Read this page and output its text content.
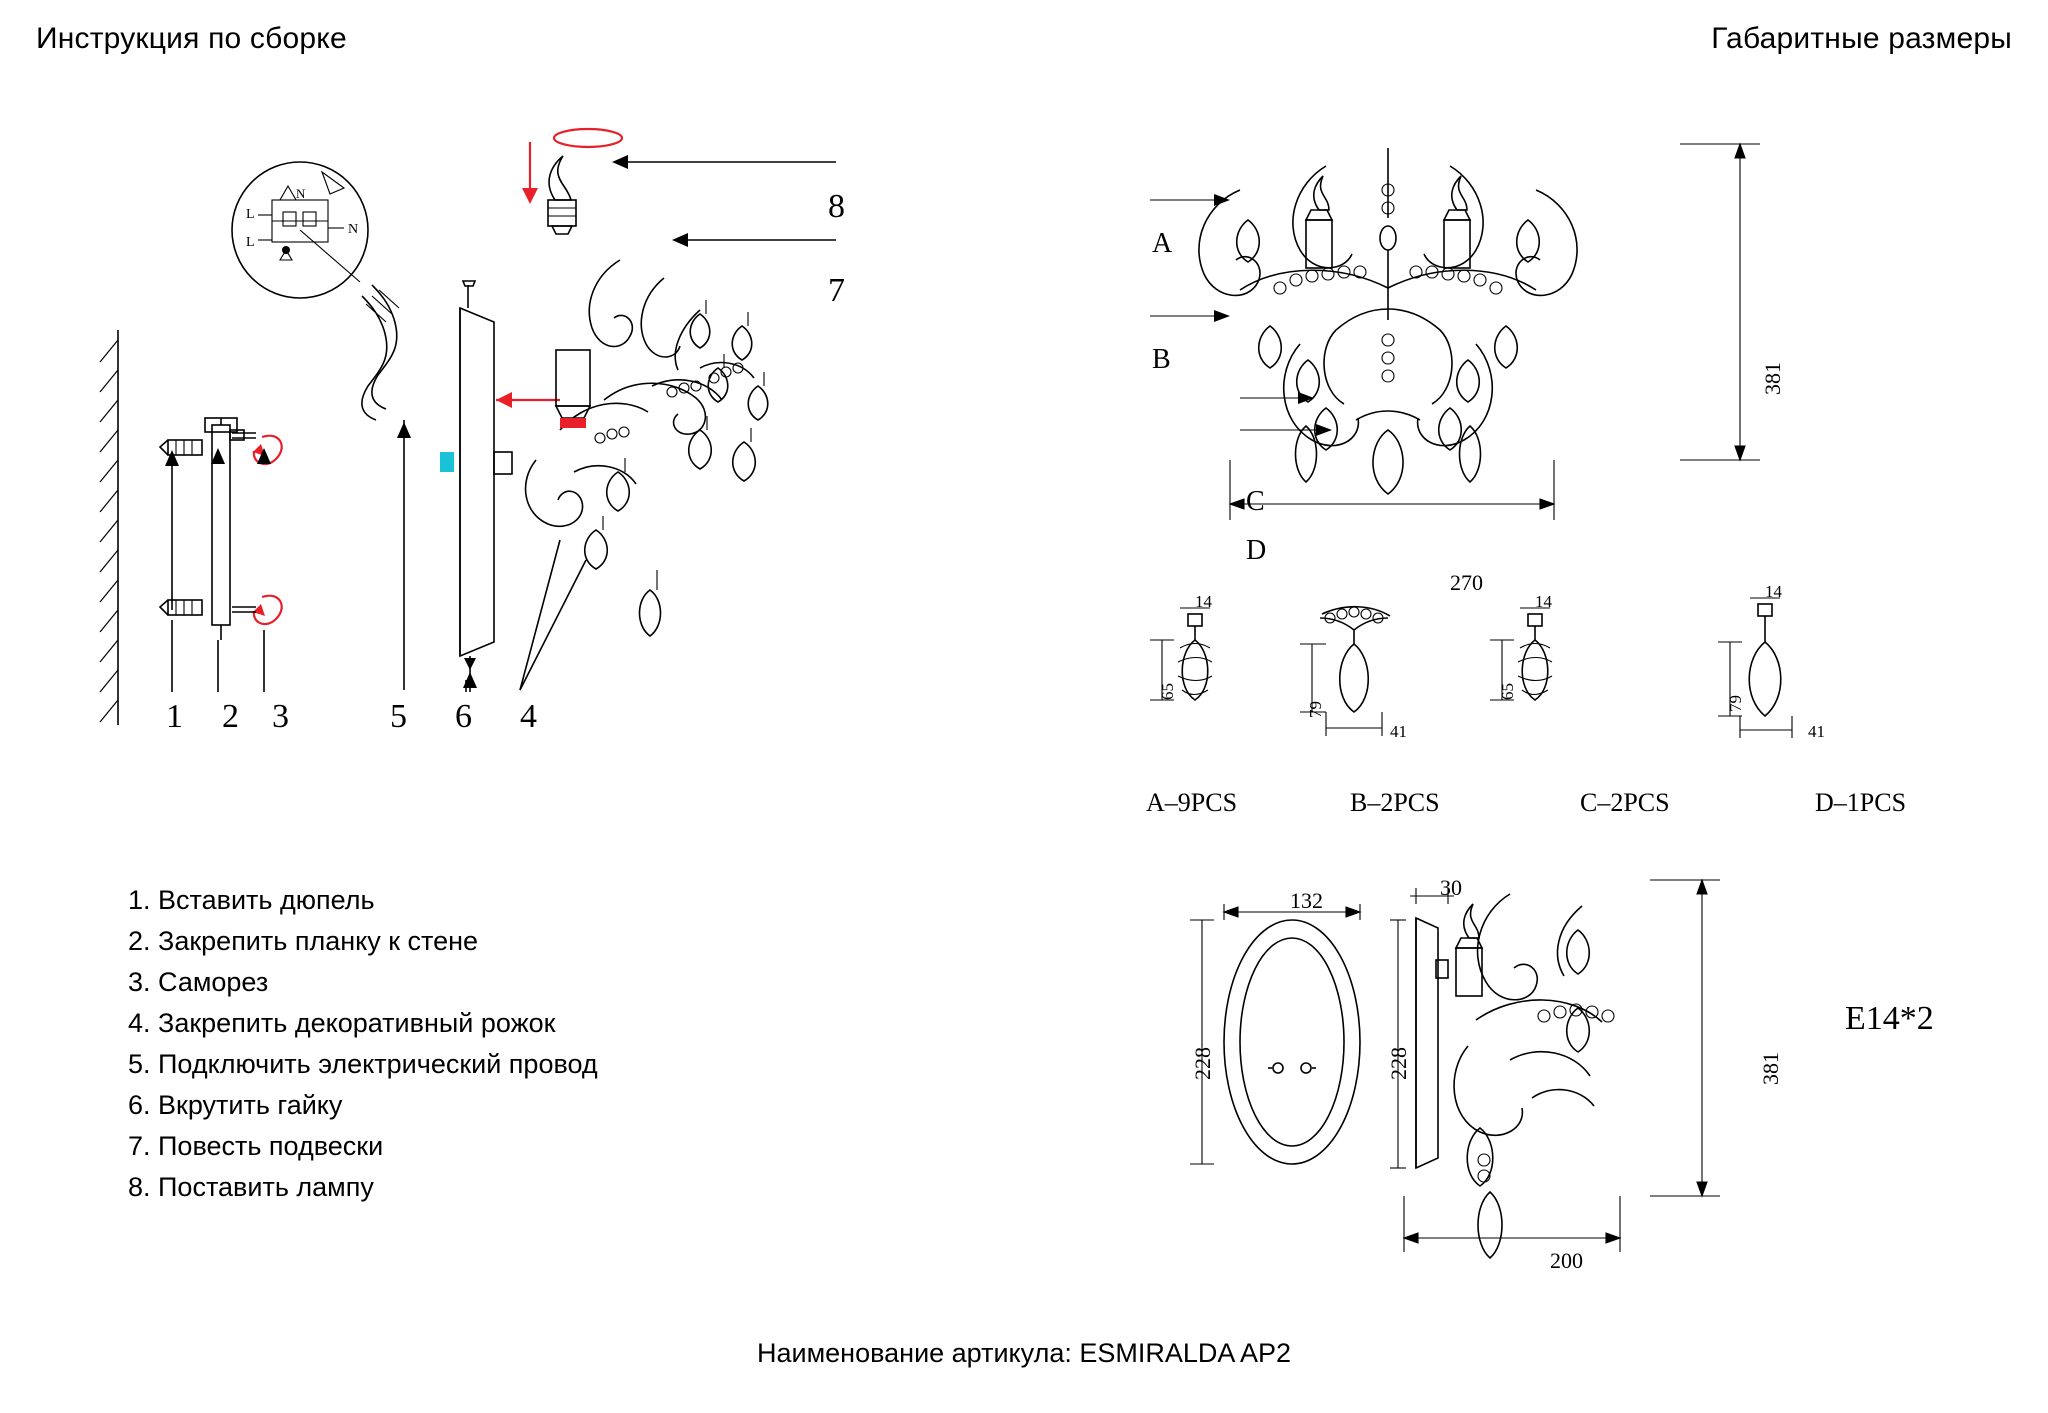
Инструкция по сборке	Габаритные размеры
L
L
N
N
1 2 3	5 6 4
7
8
1. Вставить дюпель
2. Закрепить планку к стене
3. Саморез
4. Закрепить декоративный рожок
5. Подключить электрический провод
6. Вкрутить гайку
7. Повесть подвески
8. Поставить лампу
A
B
C
D
381
270
14
65
79
41
14
65
14
79
41
A–9PCS	B–2PCS	C–2PCS	D–1PCS
132
228
30
228	381
200
E14*2
Наименование артикула: ESMIRALDA AP2
